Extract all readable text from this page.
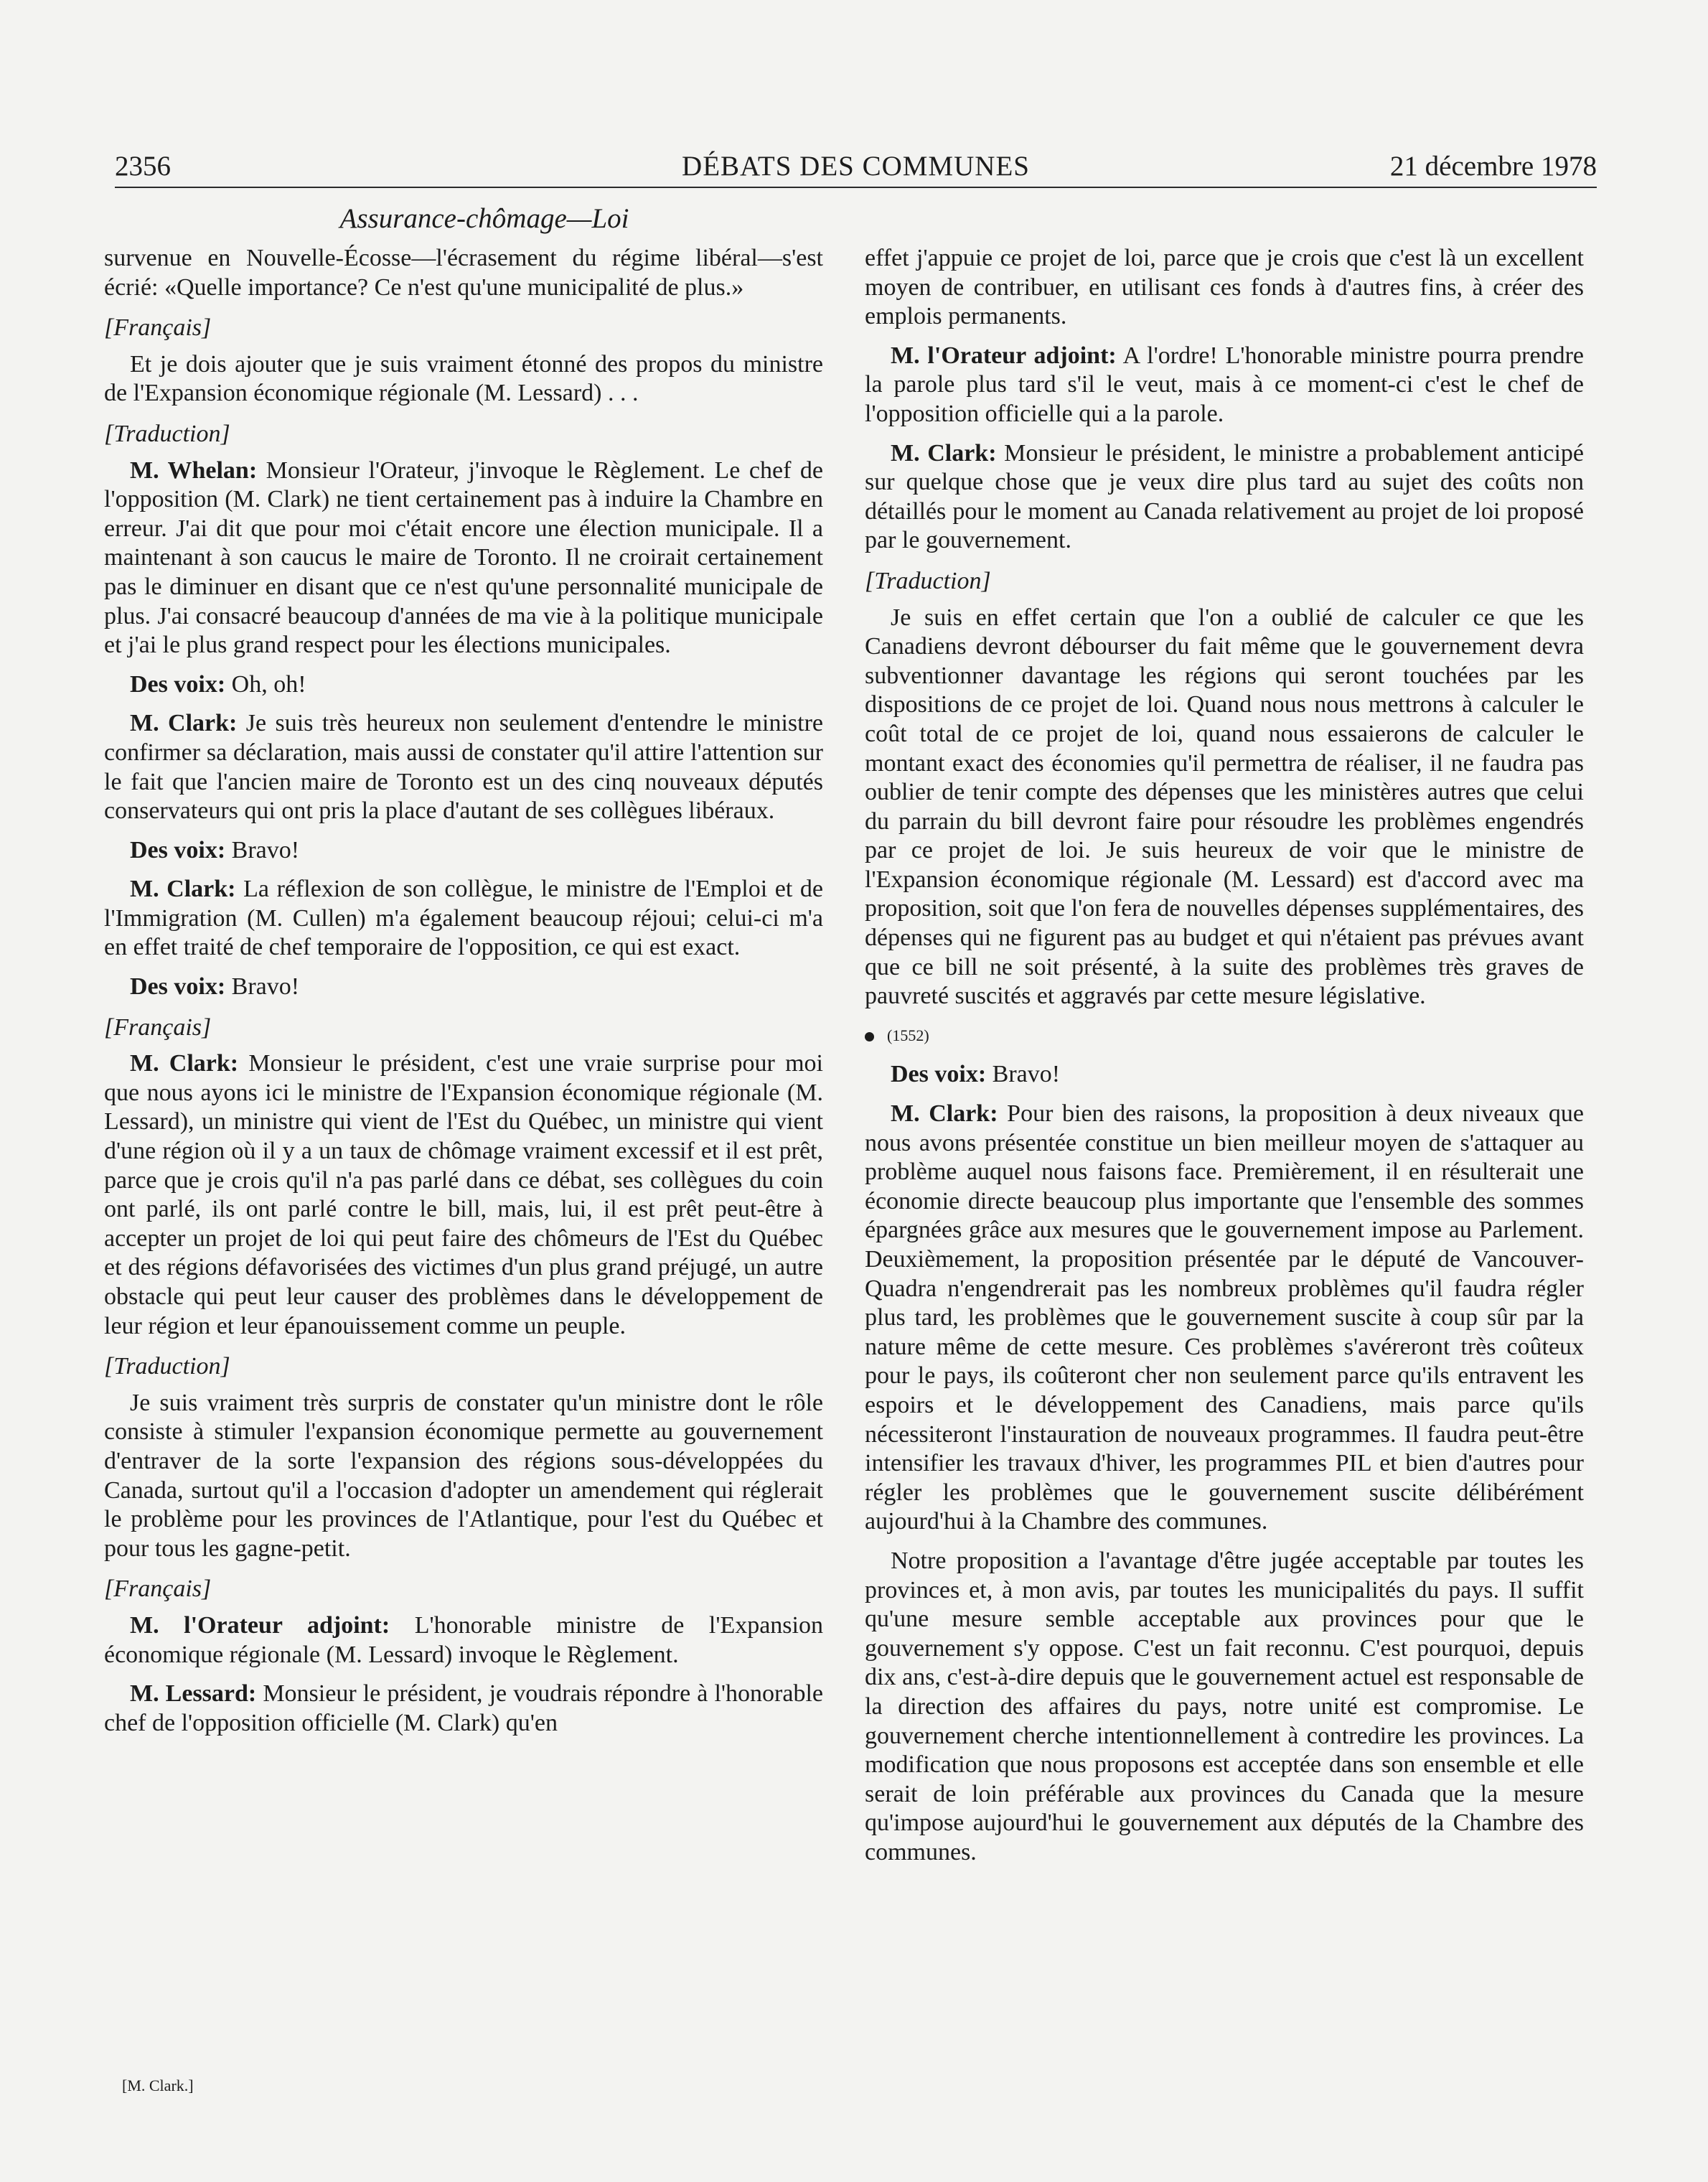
2356	DÉBATS DES COMMUNES	21 décembre 1978
Assurance-chômage—Loi

survenue en Nouvelle-Écosse—l'écrasement du régime libéral—s'est écrié: «Quelle importance? Ce n'est qu'une municipalité de plus.»

[Français]

Et je dois ajouter que je suis vraiment étonné des propos du ministre de l'Expansion économique régionale (M. Lessard) . . .

[Traduction]

M. Whelan: Monsieur l'Orateur, j'invoque le Règlement. Le chef de l'opposition (M. Clark) ne tient certainement pas à induire la Chambre en erreur. J'ai dit que pour moi c'était encore une élection municipale. Il a maintenant à son caucus le maire de Toronto. Il ne croirait certainement pas le diminuer en disant que ce n'est qu'une personnalité municipale de plus. J'ai consacré beaucoup d'années de ma vie à la politique municipale et j'ai le plus grand respect pour les élections municipales.

Des voix: Oh, oh!

M. Clark: Je suis très heureux non seulement d'entendre le ministre confirmer sa déclaration, mais aussi de constater qu'il attire l'attention sur le fait que l'ancien maire de Toronto est un des cinq nouveaux députés conservateurs qui ont pris la place d'autant de ses collègues libéraux.

Des voix: Bravo!

M. Clark: La réflexion de son collègue, le ministre de l'Emploi et de l'Immigration (M. Cullen) m'a également beaucoup réjoui; celui-ci m'a en effet traité de chef temporaire de l'opposition, ce qui est exact.

Des voix: Bravo!

[Français]

M. Clark: Monsieur le président, c'est une vraie surprise pour moi que nous ayons ici le ministre de l'Expansion économique régionale (M. Lessard), un ministre qui vient de l'Est du Québec, un ministre qui vient d'une région où il y a un taux de chômage vraiment excessif et il est prêt, parce que je crois qu'il n'a pas parlé dans ce débat, ses collègues du coin ont parlé, ils ont parlé contre le bill, mais, lui, il est prêt peut-être à accepter un projet de loi qui peut faire des chômeurs de l'Est du Québec et des régions défavorisées des victimes d'un plus grand préjugé, un autre obstacle qui peut leur causer des problèmes dans le développement de leur région et leur épanouissement comme un peuple.

[Traduction]

Je suis vraiment très surpris de constater qu'un ministre dont le rôle consiste à stimuler l'expansion économique permette au gouvernement d'entraver de la sorte l'expansion des régions sous-développées du Canada, surtout qu'il a l'occasion d'adopter un amendement qui réglerait le problème pour les provinces de l'Atlantique, pour l'est du Québec et pour tous les gagne-petit.

[Français]

M. l'Orateur adjoint: L'honorable ministre de l'Expansion économique régionale (M. Lessard) invoque le Règlement.

M. Lessard: Monsieur le président, je voudrais répondre à l'honorable chef de l'opposition officielle (M. Clark) qu'en

effet j'appuie ce projet de loi, parce que je crois que c'est là un excellent moyen de contribuer, en utilisant ces fonds à d'autres fins, à créer des emplois permanents.

M. l'Orateur adjoint: A l'ordre! L'honorable ministre pourra prendre la parole plus tard s'il le veut, mais à ce moment-ci c'est le chef de l'opposition officielle qui a la parole.

M. Clark: Monsieur le président, le ministre a probablement anticipé sur quelque chose que je veux dire plus tard au sujet des coûts non détaillés pour le moment au Canada relativement au projet de loi proposé par le gouvernement.

[Traduction]

Je suis en effet certain que l'on a oublié de calculer ce que les Canadiens devront débourser du fait même que le gouvernement devra subventionner davantage les régions qui seront touchées par les dispositions de ce projet de loi. Quand nous nous mettrons à calculer le coût total de ce projet de loi, quand nous essaierons de calculer le montant exact des économies qu'il permettra de réaliser, il ne faudra pas oublier de tenir compte des dépenses que les ministères autres que celui du parrain du bill devront faire pour résoudre les problèmes engendrés par ce projet de loi. Je suis heureux de voir que le ministre de l'Expansion économique régionale (M. Lessard) est d'accord avec ma proposition, soit que l'on fera de nouvelles dépenses supplémentaires, des dépenses qui ne figurent pas au budget et qui n'étaient pas prévues avant que ce bill ne soit présenté, à la suite des problèmes très graves de pauvreté suscités et aggravés par cette mesure législative.

(1552)

Des voix: Bravo!

M. Clark: Pour bien des raisons, la proposition à deux niveaux que nous avons présentée constitue un bien meilleur moyen de s'attaquer au problème auquel nous faisons face. Premièrement, il en résulterait une économie directe beaucoup plus importante que l'ensemble des sommes épargnées grâce aux mesures que le gouvernement impose au Parlement. Deuxièmement, la proposition présentée par le député de Vancouver-Quadra n'engendrerait pas les nombreux problèmes qu'il faudra régler plus tard, les problèmes que le gouvernement suscite à coup sûr par la nature même de cette mesure. Ces problèmes s'avéreront très coûteux pour le pays, ils coûteront cher non seulement parce qu'ils entravent les espoirs et le développement des Canadiens, mais parce qu'ils nécessiteront l'instauration de nouveaux programmes. Il faudra peut-être intensifier les travaux d'hiver, les programmes PIL et bien d'autres pour régler les problèmes que le gouvernement suscite délibérément aujourd'hui à la Chambre des communes.

Notre proposition a l'avantage d'être jugée acceptable par toutes les provinces et, à mon avis, par toutes les municipalités du pays. Il suffit qu'une mesure semble acceptable aux provinces pour que le gouvernement s'y oppose. C'est un fait reconnu. C'est pourquoi, depuis dix ans, c'est-à-dire depuis que le gouvernement actuel est responsable de la direction des affaires du pays, notre unité est compromise. Le gouvernement cherche intentionnellement à contredire les provinces. La modification que nous proposons est acceptée dans son ensemble et elle serait de loin préférable aux provinces du Canada que la mesure qu'impose aujourd'hui le gouvernement aux députés de la Chambre des communes.

[M. Clark.]
